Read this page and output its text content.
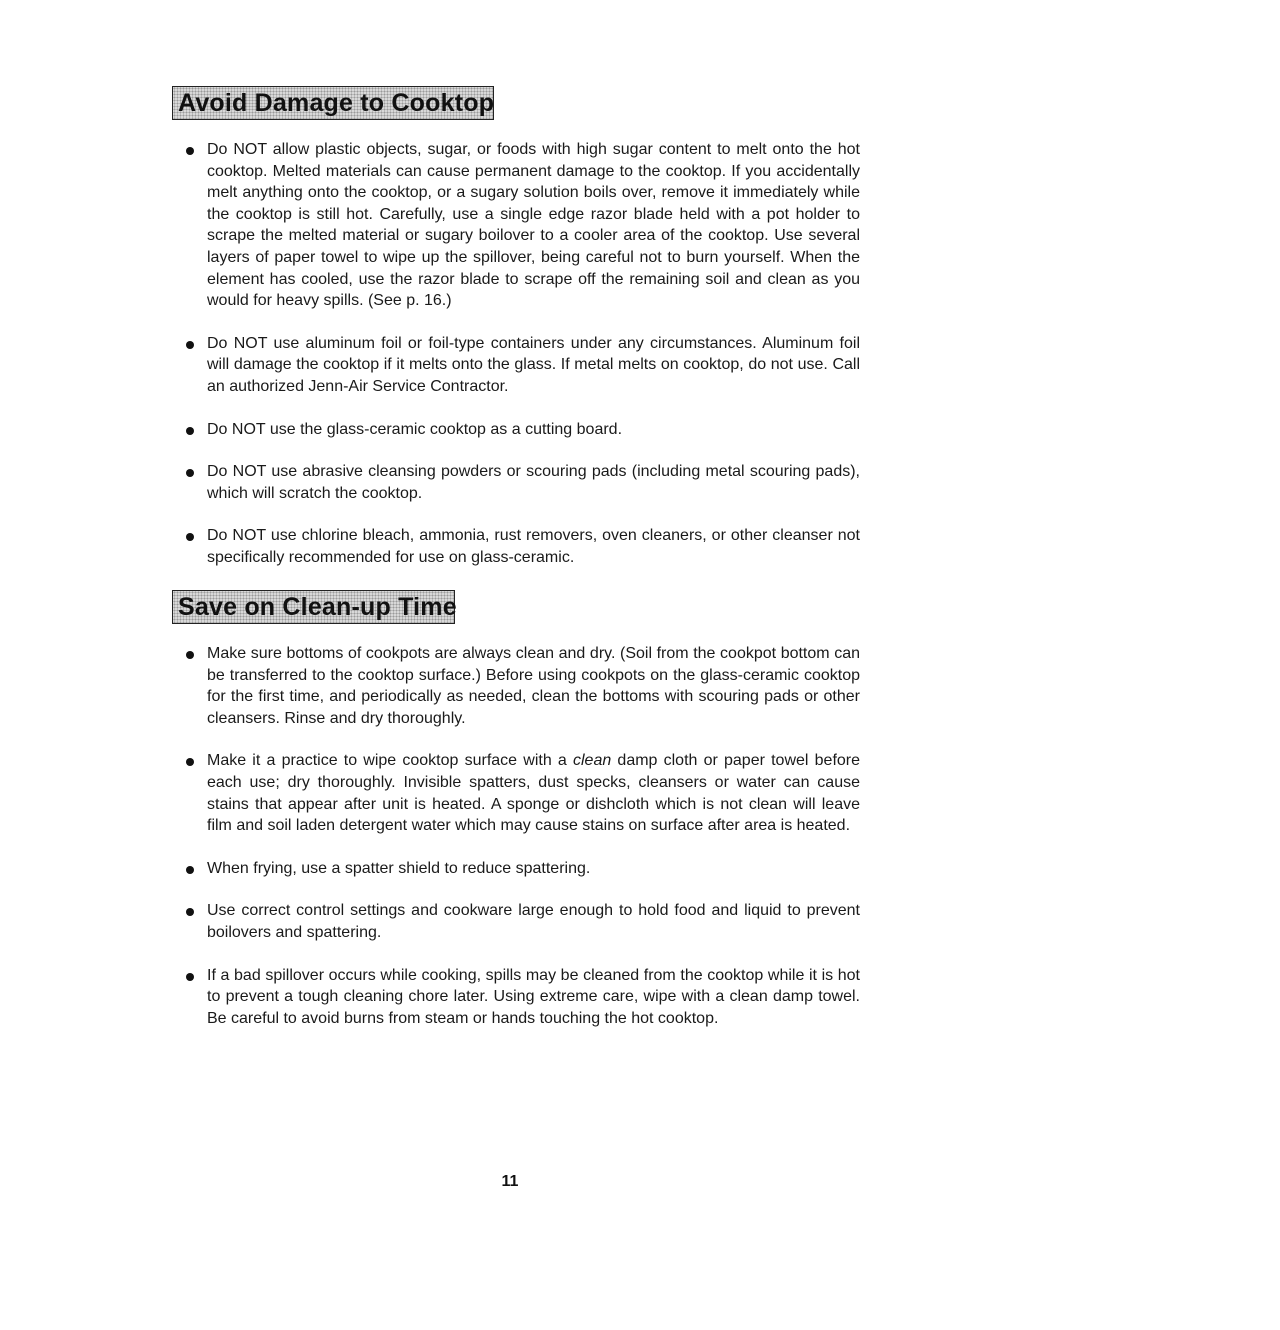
Avoid Damage to Cooktop
Do NOT allow plastic objects, sugar, or foods with high sugar content to melt onto the hot cooktop. Melted materials can cause permanent damage to the cooktop. If you accidentally melt anything onto the cooktop, or a sugary solution boils over, remove it immediately while the cooktop is still hot. Carefully, use a single edge razor blade held with a pot holder to scrape the melted material or sugary boilover to a cooler area of the cooktop. Use several layers of paper towel to wipe up the spillover, being careful not to burn yourself. When the element has cooled, use the razor blade to scrape off the remaining soil and clean as you would for heavy spills. (See p. 16.)
Do NOT use aluminum foil or foil-type containers under any circumstances. Aluminum foil will damage the cooktop if it melts onto the glass. If metal melts on cooktop, do not use. Call an authorized Jenn-Air Service Contractor.
Do NOT use the glass-ceramic cooktop as a cutting board.
Do NOT use abrasive cleansing powders or scouring pads (including metal scouring pads), which will scratch the cooktop.
Do NOT use chlorine bleach, ammonia, rust removers, oven cleaners, or other cleanser not specifically recommended for use on glass-ceramic.
Save on Clean-up Time
Make sure bottoms of cookpots are always clean and dry. (Soil from the cookpot bottom can be transferred to the cooktop surface.) Before using cookpots on the glass-ceramic cooktop for the first time, and periodically as needed, clean the bottoms with scouring pads or other cleansers. Rinse and dry thoroughly.
Make it a practice to wipe cooktop surface with a clean damp cloth or paper towel before each use; dry thoroughly. Invisible spatters, dust specks, cleansers or water can cause stains that appear after unit is heated. A sponge or dishcloth which is not clean will leave film and soil laden detergent water which may cause stains on surface after area is heated.
When frying, use a spatter shield to reduce spattering.
Use correct control settings and cookware large enough to hold food and liquid to prevent boilovers and spattering.
If a bad spillover occurs while cooking, spills may be cleaned from the cooktop while it is hot to prevent a tough cleaning chore later. Using extreme care, wipe with a clean damp towel. Be careful to avoid burns from steam or hands touching the hot cooktop.
11
